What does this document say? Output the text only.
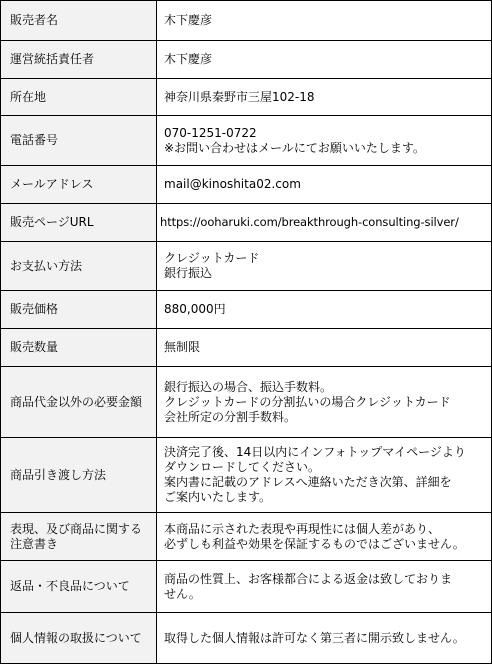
販売者名	木下慶彦

運営統括責任者	木下慶彦

所在地	神奈川県秦野市三屋102-18

電話番号	070-1251-0722
※お問い合わせはメールにてお願いいたします。

メールアドレス	mail@kinoshita02.com

販売ページURL	https://ooharuki.com/breakthrough-consulting-silver/

お支払い方法	クレジットカード
銀行振込

販売価格	880,000円

販売数量	無制限

商品代金以外の必要金額	銀行振込の場合、振込手数料。
クレジットカードの分割払いの場合クレジットカード
会社所定の分割手数料。

商品引き渡し方法	決済完了後、14日以内にインフォトップマイページより
ダウンロードしてください。
案内書に記載のアドレスへ連絡いただき次第、詳細を
ご案内いたします。

表現、及び商品に関する
注意書き	本商品に示された表現や再現性には個人差があり、
必ずしも利益や効果を保証するものではございません。

返品・不良品について	商品の性質上、お客様都合による返金は致しておりま
せん。

個人情報の取扱について	取得した個人情報は許可なく第三者に開示致しません。
